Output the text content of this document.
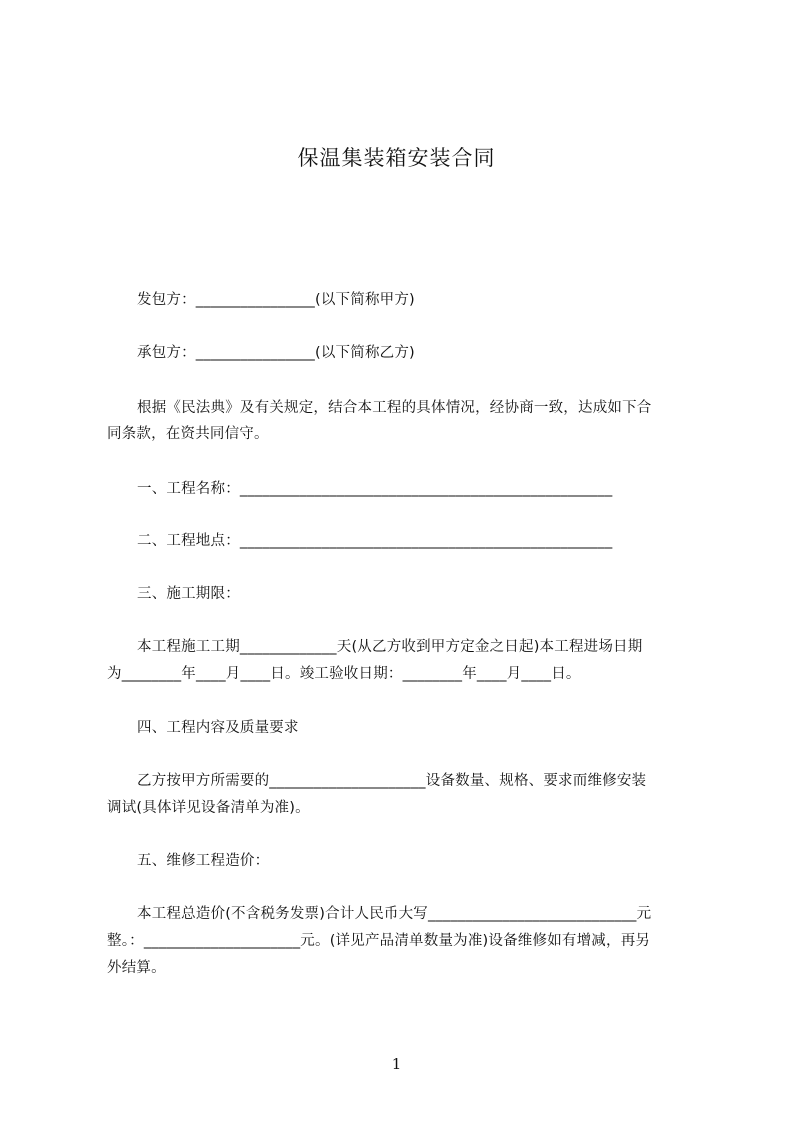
保温集装箱安装合同
发包方：________________(以下简称甲方)
承包方：________________(以下简称乙方)
根据《民法典》及有关规定，结合本工程的具体情况，经协商一致，达成如下合
同条款，在资共同信守。
一、工程名称：__________________________________________________
二、工程地点：__________________________________________________
三、施工期限：
本工程施工工期_____________天(从乙方收到甲方定金之日起)本工程进场日期
为________年____月____日。竣工验收日期：________年____月____日。
四、工程内容及质量要求
乙方按甲方所需要的_____________________设备数量、规格、要求而维修安装
调试(具体详见设备清单为准)。
五、维修工程造价：
本工程总造价(不含税务发票)合计人民币大写____________________________元
整。：_____________________元。(详见产品清单数量为准)设备维修如有增减，再另
外结算。
1
